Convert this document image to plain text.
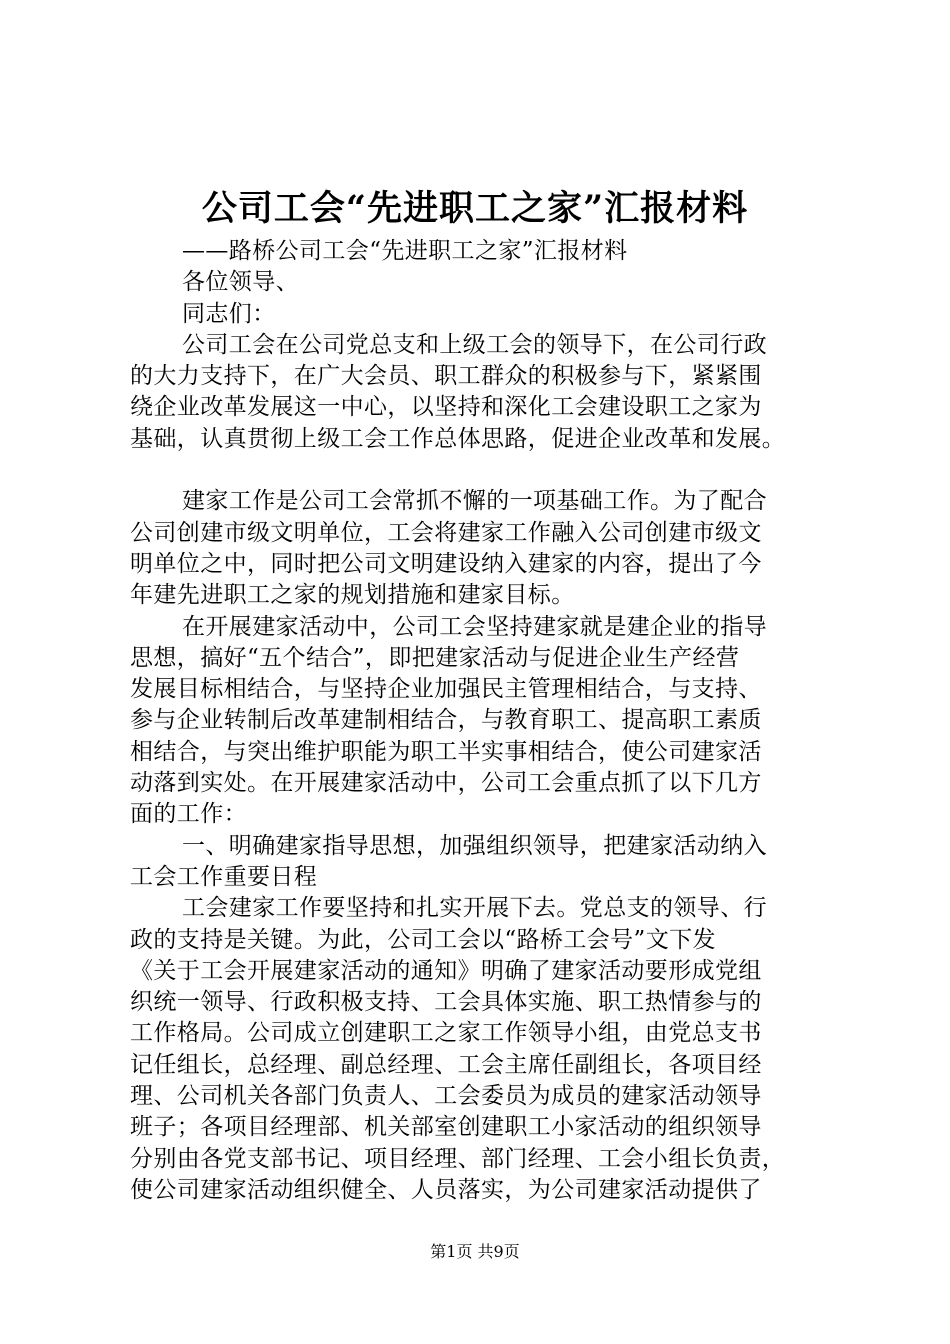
公司工会“先进职工之家”汇报材料
——路桥公司工会“先进职工之家”汇报材料
各位领导、
同志们：
公司工会在公司党总支和上级工会的领导下，在公司行政
的大力支持下，在广大会员、职工群众的积极参与下，紧紧围
绕企业改革发展这一中心，以坚持和深化工会建设职工之家为
基础，认真贯彻上级工会工作总体思路，促进企业改革和发展。
建家工作是公司工会常抓不懈的一项基础工作。为了配合
公司创建市级文明单位，工会将建家工作融入公司创建市级文
明单位之中，同时把公司文明建设纳入建家的内容，提出了今
年建先进职工之家的规划措施和建家目标。
在开展建家活动中，公司工会坚持建家就是建企业的指导
思想，搞好“五个结合”，即把建家活动与促进企业生产经营
发展目标相结合，与坚持企业加强民主管理相结合，与支持、
参与企业转制后改革建制相结合，与教育职工、提高职工素质
相结合，与突出维护职能为职工半实事相结合，使公司建家活
动落到实处。在开展建家活动中，公司工会重点抓了以下几方
面的工作：
一、明确建家指导思想，加强组织领导，把建家活动纳入
工会工作重要日程
工会建家工作要坚持和扎实开展下去。党总支的领导、行
政的支持是关键。为此，公司工会以“路桥工会号”文下发
《关于工会开展建家活动的通知》明确了建家活动要形成党组
织统一领导、行政积极支持、工会具体实施、职工热情参与的
工作格局。公司成立创建职工之家工作领导小组，由党总支书
记任组长，总经理、副总经理、工会主席任副组长，各项目经
理、公司机关各部门负责人、工会委员为成员的建家活动领导
班子；各项目经理部、机关部室创建职工小家活动的组织领导
分别由各党支部书记、项目经理、部门经理、工会小组长负责，
使公司建家活动组织健全、人员落实，为公司建家活动提供了
第1页 共9页
